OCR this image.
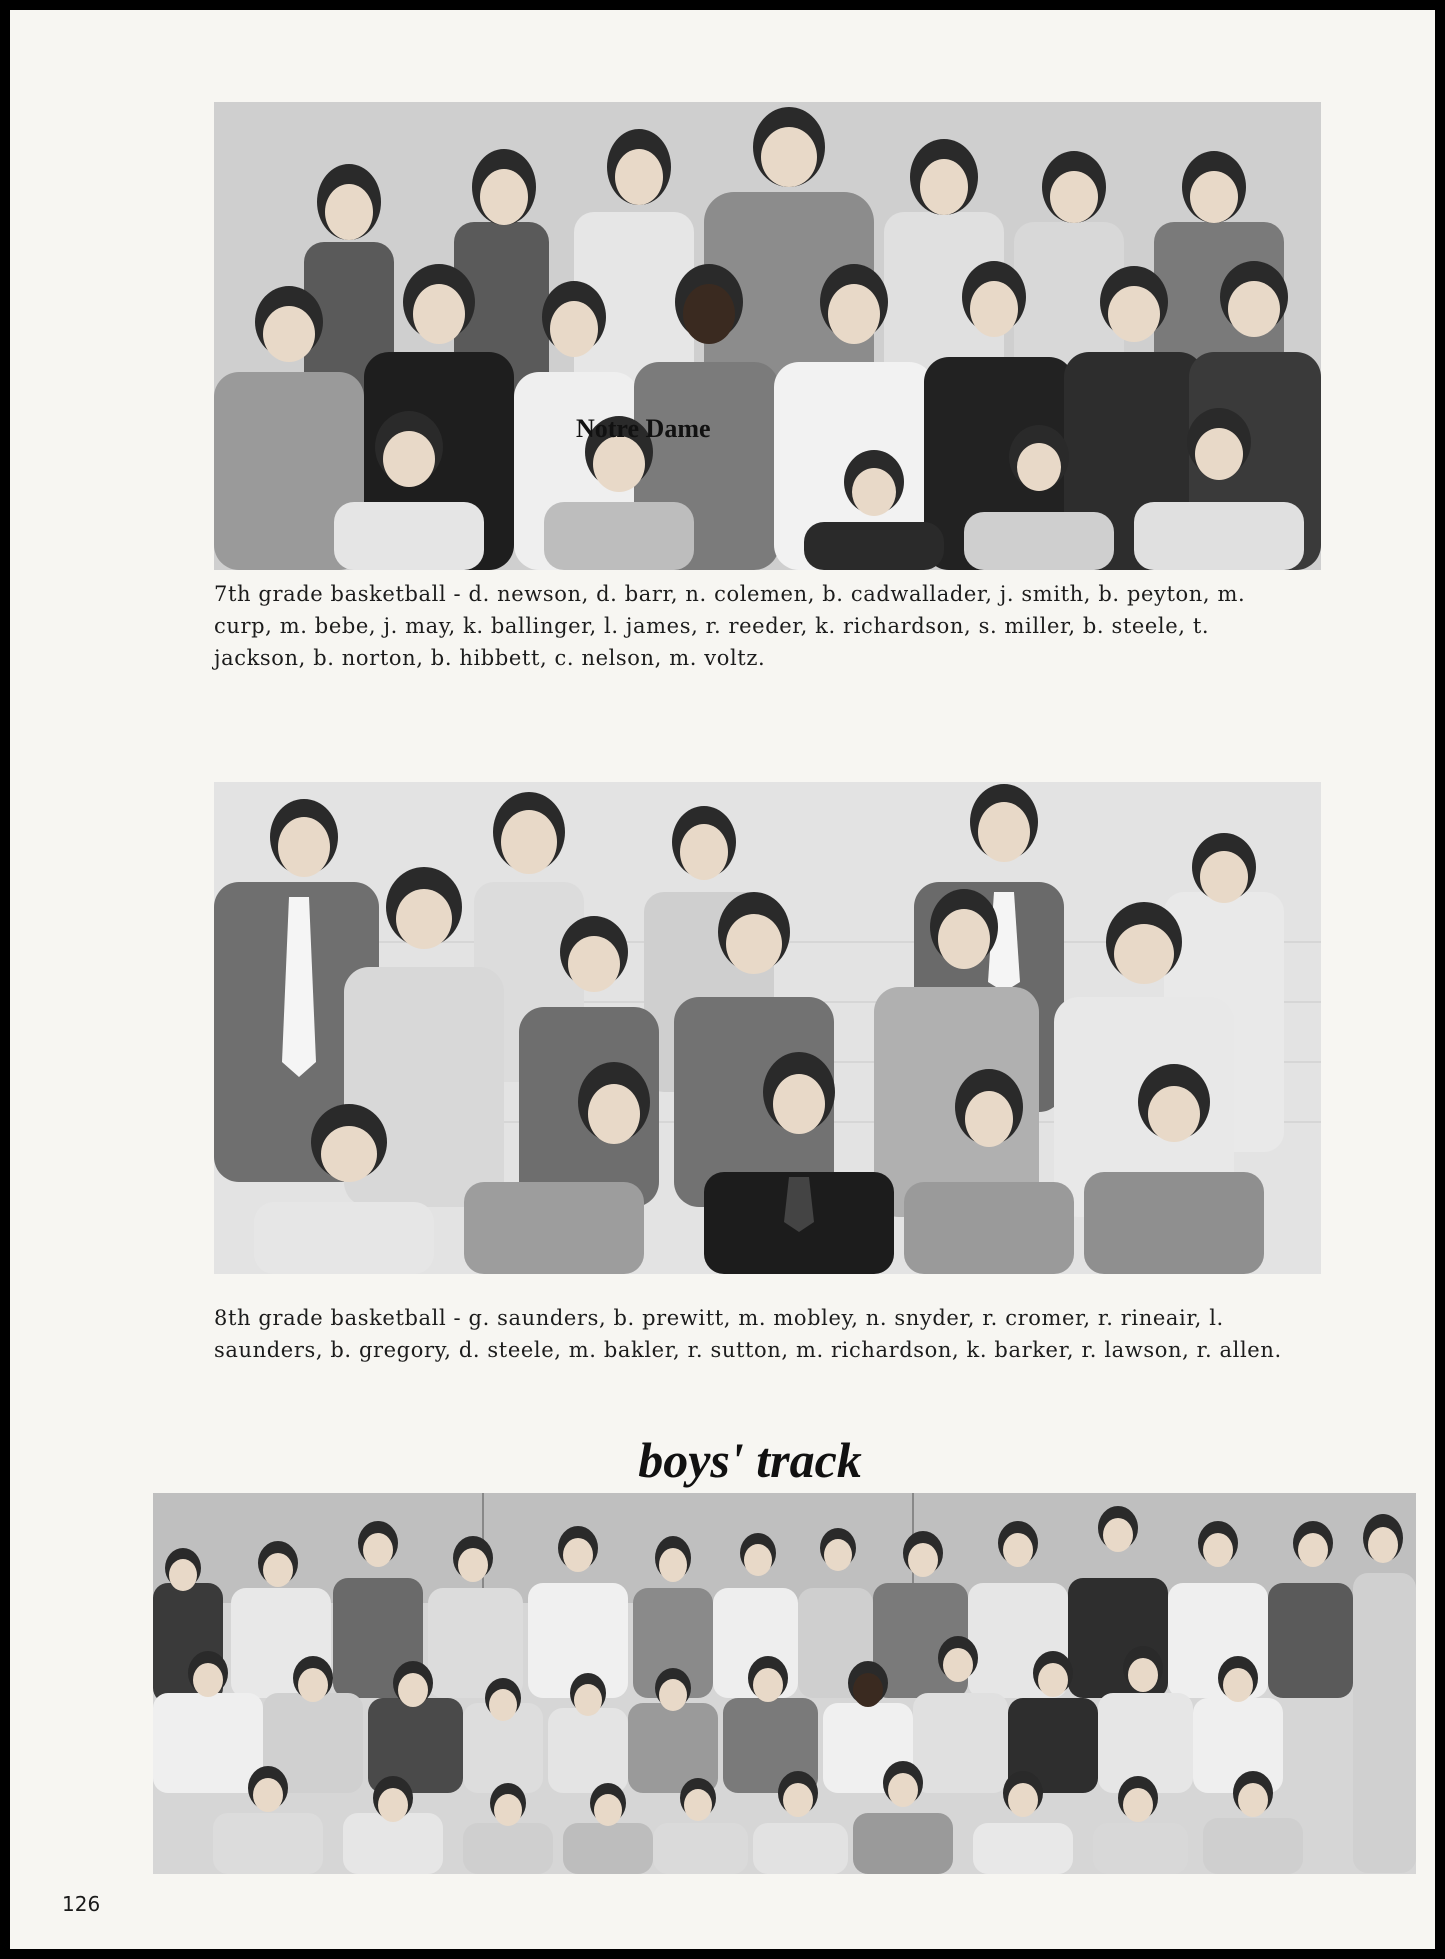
Notre Dame

7th grade basketball - d. newson, d. barr, n. colemen, b. cadwallader, j. smith, b. peyton, m. curp, m. bebe, j. may, k. ballinger, l. james, r. reeder, k. richardson, s. miller, b. steele, t. jackson, b. norton, b. hibbett, c. nelson, m. voltz.

8th grade basketball - g. saunders, b. prewitt, m. mobley, n. snyder, r. cromer, r. rineair, l. saunders, b. gregory, d. steele, m. bakler, r. sutton, m. richardson, k. barker, r. lawson, r. allen.

boys' track
126
